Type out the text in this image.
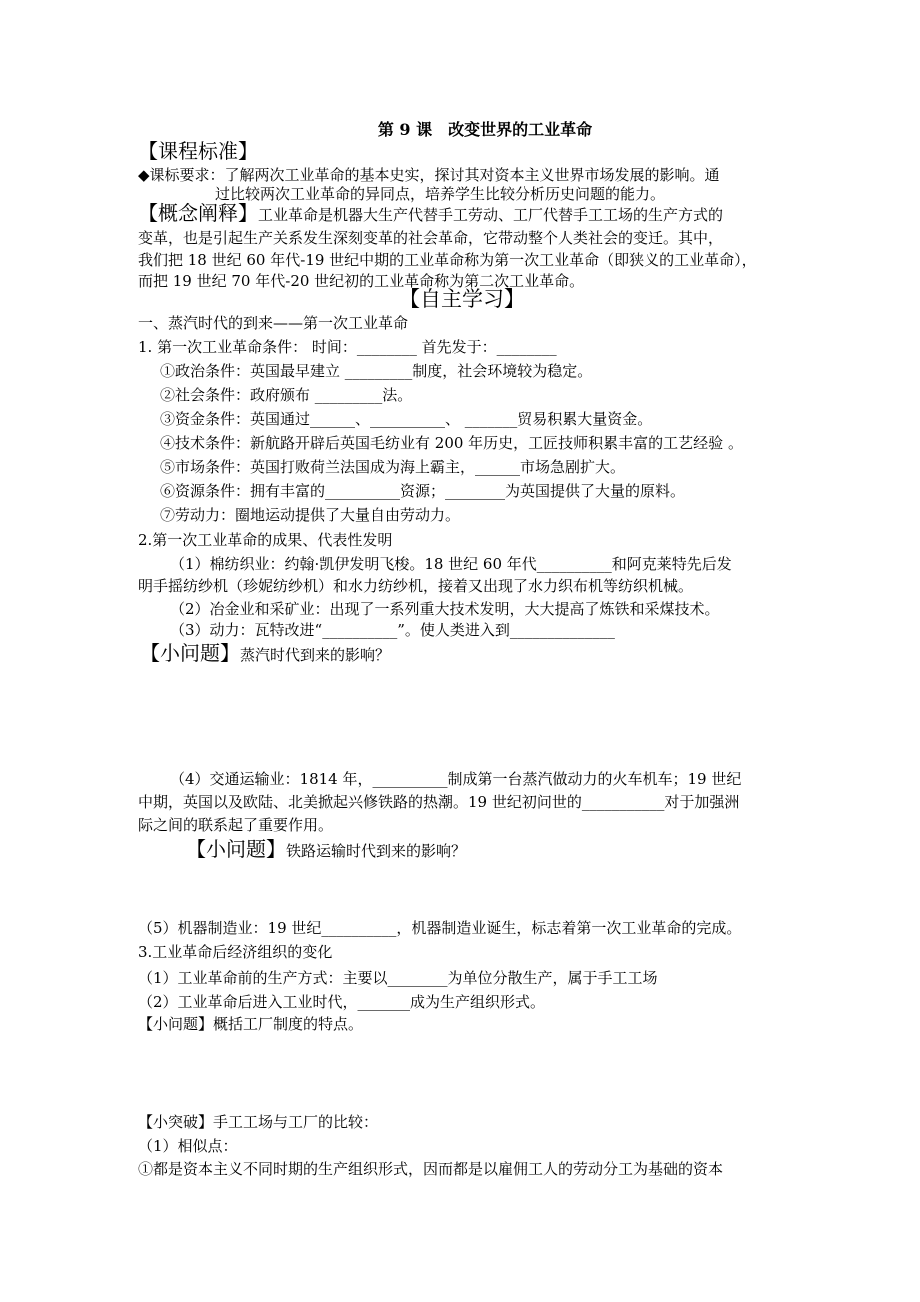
第 9 课　改变世界的工业革命
【课程标准】
◆课标要求：了解两次工业革命的基本史实，探讨其对资本主义世界市场发展的影响。通
过比较两次工业革命的异同点，培养学生比较分析历史问题的能力。
【概念阐释】工业革命是机器大生产代替手工劳动、工厂代替手工工场的生产方式的
变革，也是引起生产关系发生深刻变革的社会革命，它带动整个人类社会的变迁。其中，
我们把 18 世纪 60 年代-19 世纪中期的工业革命称为第一次工业革命（即狭义的工业革命），
而把 19 世纪 70 年代-20 世纪初的工业革命称为第二次工业革命。
【自主学习】
一、蒸汽时代的到来——第一次工业革命
1. 第一次工业革命条件： 时间：________ 首先发于：________
①政治条件：英国最早建立 _________制度，社会环境较为稳定。
②社会条件：政府颁布 _________法。
③资金条件：英国通过______、__________、 _______贸易积累大量资金。
④技术条件：新航路开辟后英国毛纺业有 200 年历史，工匠技师积累丰富的工艺经验 。
⑤市场条件：英国打败荷兰法国成为海上霸主，______市场急剧扩大。
⑥资源条件：拥有丰富的__________资源；________为英国提供了大量的原料。
⑦劳动力：圈地运动提供了大量自由劳动力。
2.第一次工业革命的成果、代表性发明
（1）棉纺织业：约翰·凯伊发明飞梭。18 世纪 60 年代__________和阿克莱特先后发
明手摇纺纱机（珍妮纺纱机）和水力纺纱机，接着又出现了水力织布机等纺织机械。
（2）冶金业和采矿业：出现了一系列重大技术发明，大大提高了炼铁和采煤技术。
（3）动力：瓦特改进“__________”。使人类进入到______________
【小问题】蒸汽时代到来的影响？
（4）交通运输业：1814 年，__________制成第一台蒸汽做动力的火车机车；19 世纪
中期，英国以及欧陆、北美掀起兴修铁路的热潮。19 世纪初问世的___________对于加强洲
际之间的联系起了重要作用。
【小问题】铁路运输时代到来的影响？
（5）机器制造业：19 世纪__________，机器制造业诞生，标志着第一次工业革命的完成。
3.工业革命后经济组织的变化
（1）工业革命前的生产方式：主要以________为单位分散生产，属于手工工场
（2）工业革命后进入工业时代，_______成为生产组织形式。
【小问题】概括工厂制度的特点。
【小突破】手工工场与工厂的比较：
（1）相似点：
①都是资本主义不同时期的生产组织形式，因而都是以雇佣工人的劳动分工为基础的资本
